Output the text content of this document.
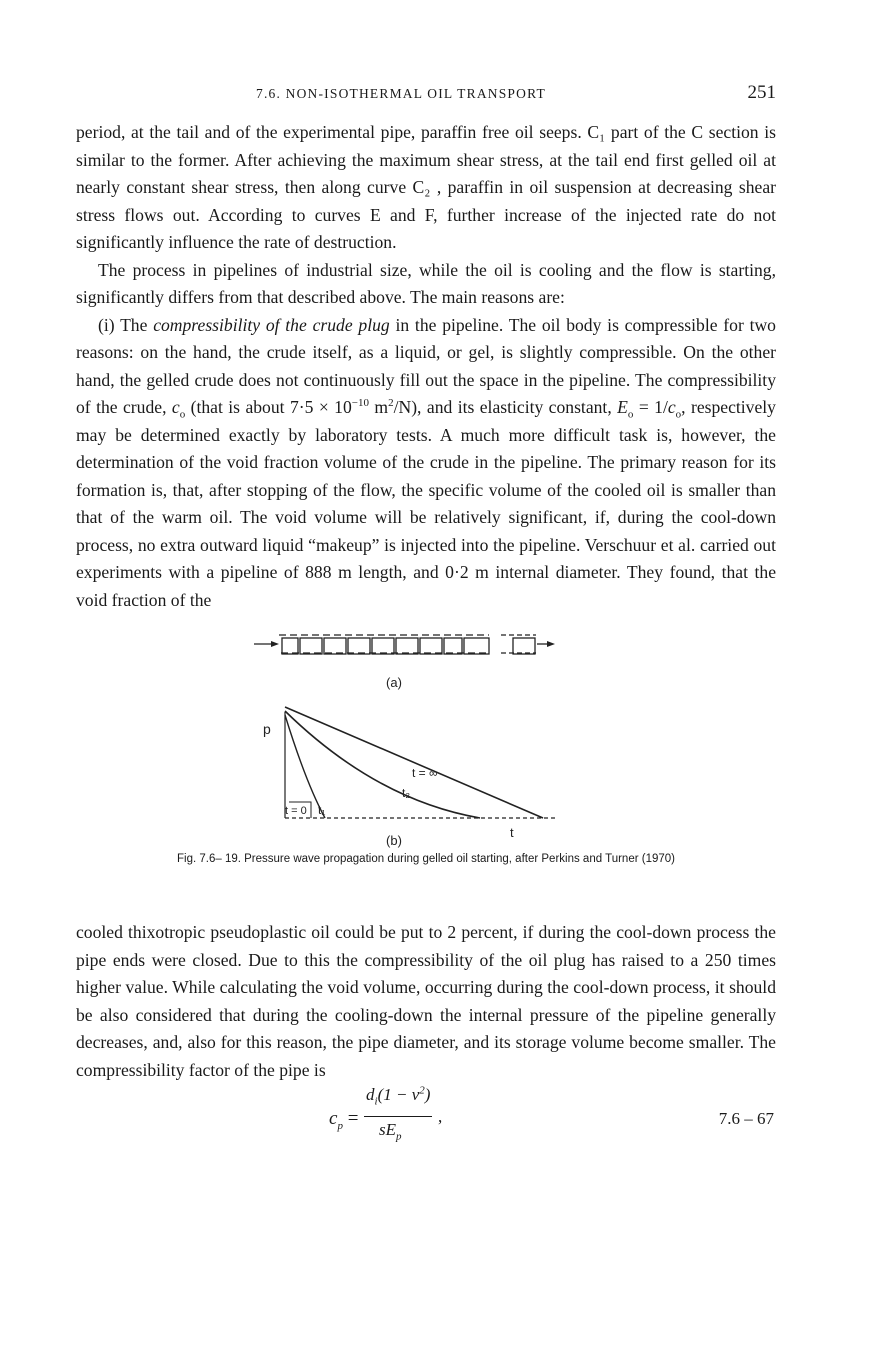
7.6. NON-ISOTHERMAL OIL TRANSPORT	251

period, at the tail and of the experimental pipe, paraffin free oil seeps. C₁ part of the C section is similar to the former. After achieving the maximum shear stress, at the tail end first gelled oil at nearly constant shear stress, then along curve C₂ , paraffin in oil suspension at decreasing shear stress flows out. According to curves E and F, further increase of the injected rate do not significantly influence the rate of destruction.

The process in pipelines of industrial size, while the oil is cooling and the flow is starting, significantly differs from that described above. The main reasons are:

(i) The compressibility of the crude plug in the pipeline. The oil body is compressible for two reasons: on the hand, the crude itself, as a liquid, or gel, is slightly compressible. On the other hand, the gelled crude does not continuously fill out the space in the pipeline. The compressibility of the crude, $c_o$ (that is about $7\cdot 5 \times 10^{-10}$ $m^2/N$), and its elasticity constant, $E_o = 1/c_o$, respectively may be determined exactly by laboratory tests. A much more difficult task is, however, the determination of the void fraction volume of the crude in the pipeline. The primary reason for its formation is, that, after stopping of the flow, the specific volume of the cooled oil is smaller than that of the warm oil. The void volume will be relatively significant, if, during the cool-down process, no extra outward liquid “makeup” is injected into the pipeline. Verschuur et al. carried out experiments with a pipeline of 888 m length, and 0·2 m internal diameter. They found, that the void fraction of the

(a)
p
t = ∞
t₂
t₁
t = 0
t
(b)
Fig. 7.6– 19. Pressure wave propagation during gelled oil starting, after Perkins and Turner (1970)

cooled thixotropic pseudoplastic oil could be put to 2 percent, if during the cool-down process the pipe ends were closed. Due to this the compressibility of the oil plug has raised to a 250 times higher value. While calculating the void volume, occurring during the cool-down process, it should be also considered that during the cooling-down the internal pressure of the pipeline generally decreases, and, also for this reason, the pipe diameter, and its storage volume become smaller. The compressibility factor of the pipe is

$c_p$ =
$d_i(1 - \nu^2)$
$sE_p$
,	7.6 – 67
